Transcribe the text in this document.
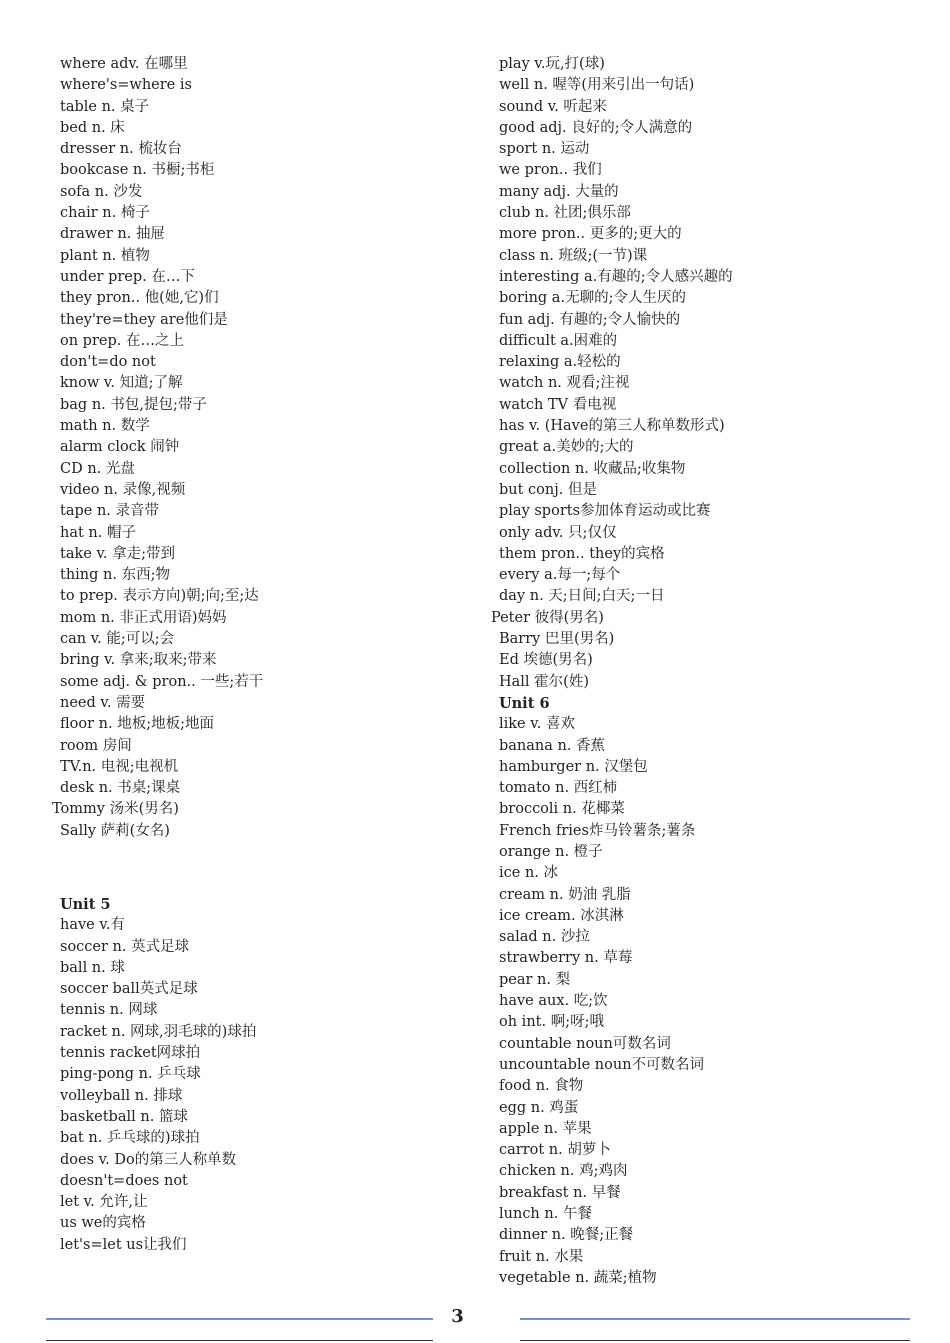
where adv. 在哪里
where's=where is
table n. 桌子
bed n. 床
dresser n. 梳妆台
bookcase n. 书橱;书柜
sofa n. 沙发
chair n. 椅子
drawer n. 抽屉
plant n. 植物
under prep. 在…下
they pron.. 他(她,它)们
they're=they are他们是
on prep. 在…之上
don't=do not
know v. 知道;了解
bag n. 书包,提包;带子
math n. 数学
alarm clock 闹钟
CD n. 光盘
video n. 录像,视频
tape n. 录音带
hat n. 帽子
take v. 拿走;带到
thing n. 东西;物
to prep. 表示方向)朝;向;至;达
mom n. 非正式用语)妈妈
can v. 能;可以;会
bring v. 拿来;取来;带来
some adj. & pron.. 一些;若干
need v. 需要
floor n. 地板;地板;地面
room 房间
TV.n. 电视;电视机
desk n. 书桌;课桌
Tommy 汤米(男名)
Sally 萨莉(女名)
Unit 5
have v.有
soccer n. 英式足球
ball n. 球
soccer ball英式足球
tennis n. 网球
racket n. 网球,羽毛球的)球拍
tennis racket网球拍
ping-pong n. 乒乓球
volleyball n. 排球
basketball n. 篮球
bat n. 乒乓球的)球拍
does v. Do的第三人称单数
doesn't=does not
let v. 允许,让
us we的宾格
let's=let us让我们
play v.玩,打(球)
well n. 喔等(用来引出一句话)
sound v. 听起来
good adj. 良好的;令人满意的
sport n. 运动
we pron.. 我们
many adj. 大量的
club n. 社团;俱乐部
more pron.. 更多的;更大的
class n. 班级;(一节)课
interesting a.有趣的;令人感兴趣的
boring a.无聊的;令人生厌的
fun adj. 有趣的;令人愉快的
difficult a.困难的
relaxing a.轻松的
watch n. 观看;注视
watch TV 看电视
has v. (Have的第三人称单数形式)
great a.美妙的;大的
collection n. 收藏品;收集物
but conj. 但是
play sports参加体育运动或比赛
only adv. 只;仅仅
them pron.. they的宾格
every a.每一;每个
day n. 天;日间;白天;一日
Peter 彼得(男名)
Barry 巴里(男名)
Ed 埃德(男名)
Hall 霍尔(姓)
Unit 6
like v. 喜欢
banana n. 香蕉
hamburger n. 汉堡包
tomato n. 西红柿
broccoli n. 花椰菜
French fries炸马铃薯条;薯条
orange n. 橙子
ice n. 冰
cream n. 奶油 乳脂
ice cream. 冰淇淋
salad n. 沙拉
strawberry n. 草莓
pear n. 梨
have aux. 吃;饮
oh int. 啊;呀;哦
countable noun可数名词
uncountable noun不可数名词
food n. 食物
egg n. 鸡蛋
apple n. 苹果
carrot n. 胡萝卜
chicken n. 鸡;鸡肉
breakfast n. 早餐
lunch n. 午餐
dinner n. 晚餐;正餐
fruit n. 水果
vegetable n. 蔬菜;植物
3
